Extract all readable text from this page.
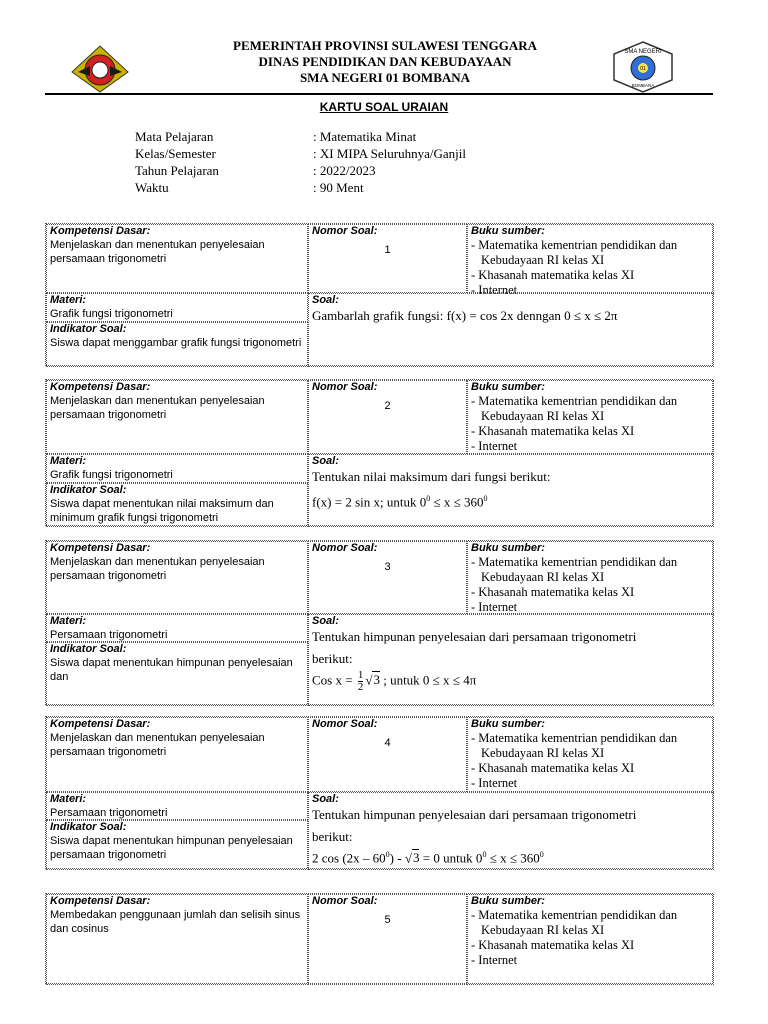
SMA NEGERI
01
BOMBANA
PEMERINTAH PROVINSI SULAWESI TENGGARA
DINAS PENDIDIKAN DAN KEBUDAYAAN
SMA NEGERI 01 BOMBANA
KARTU SOAL URAIAN
Mata Pelajaran	: Matematika Minat
Kelas/Semester	: XI MIPA Seluruhnya/Ganjil
Tahun Pelajaran	: 2022/2023
Waktu	: 90 Ment
Kompetensi Dasar:
Menjelaskan dan menentukan penyelesaian persamaan trigonometri
Nomor Soal:
1
Buku sumber:
- Matematika kementrian pendidikan dan Kebudayaan RI kelas XI
- Khasanah matematika kelas XI
- Internet
Materi:
Grafik fungsi trigonometri
Indikator Soal:
Siswa dapat menggambar grafik fungsi trigonometri
Soal:
Gambarlah grafik fungsi: f(x) = cos 2x denngan 0 ≤ x ≤ 2π
Kompetensi Dasar:
Menjelaskan dan menentukan penyelesaian persamaan trigonometri
Nomor Soal:
2
Buku sumber:
- Matematika kementrian pendidikan dan Kebudayaan RI kelas XI
- Khasanah matematika kelas XI
- Internet
Materi:
Grafik fungsi trigonometri
Indikator Soal:
Siswa dapat menentukan nilai maksimum dan minimum grafik fungsi trigonometri
Soal:
Tentukan nilai maksimum dari fungsi berikut:
f(x) = 2 sin x; untuk $0^0 \le x \le 360^0$
Kompetensi Dasar:
Menjelaskan dan menentukan penyelesaian persamaan trigonometri
Nomor Soal:
3
Buku sumber:
- Matematika kementrian pendidikan dan Kebudayaan RI kelas XI
- Khasanah matematika kelas XI
- Internet
Materi:
Persamaan trigonometri
Indikator Soal:
Siswa dapat menentukan himpunan penyelesaian dan
Soal:
Tentukan himpunan penyelesaian dari persamaan trigonometri
berikut:
Cos $x = \frac{1}{2} √3$ ; untuk 0 ≤ x ≤ 4π
Kompetensi Dasar:
Menjelaskan dan menentukan penyelesaian persamaan trigonometri
Nomor Soal:
4
Buku sumber:
- Matematika kementrian pendidikan dan Kebudayaan RI kelas XI
- Khasanah matematika kelas XI
- Internet
Materi:
Persamaan trigonometri
Indikator Soal:
Siswa dapat menentukan himpunan penyelesaian persamaan trigonometri
Soal:
Tentukan himpunan penyelesaian dari persamaan trigonometri
berikut:
2 $\cos (2x - 60^0) - √3 = 0$ untuk $0^0 \le x \le 360^0$
Kompetensi Dasar:
Membedakan penggunaan jumlah dan selisih sinus dan cosinus
Nomor Soal:
5
Buku sumber:
- Matematika kementrian pendidikan dan Kebudayaan RI kelas XI
- Khasanah matematika kelas XI
- Internet
